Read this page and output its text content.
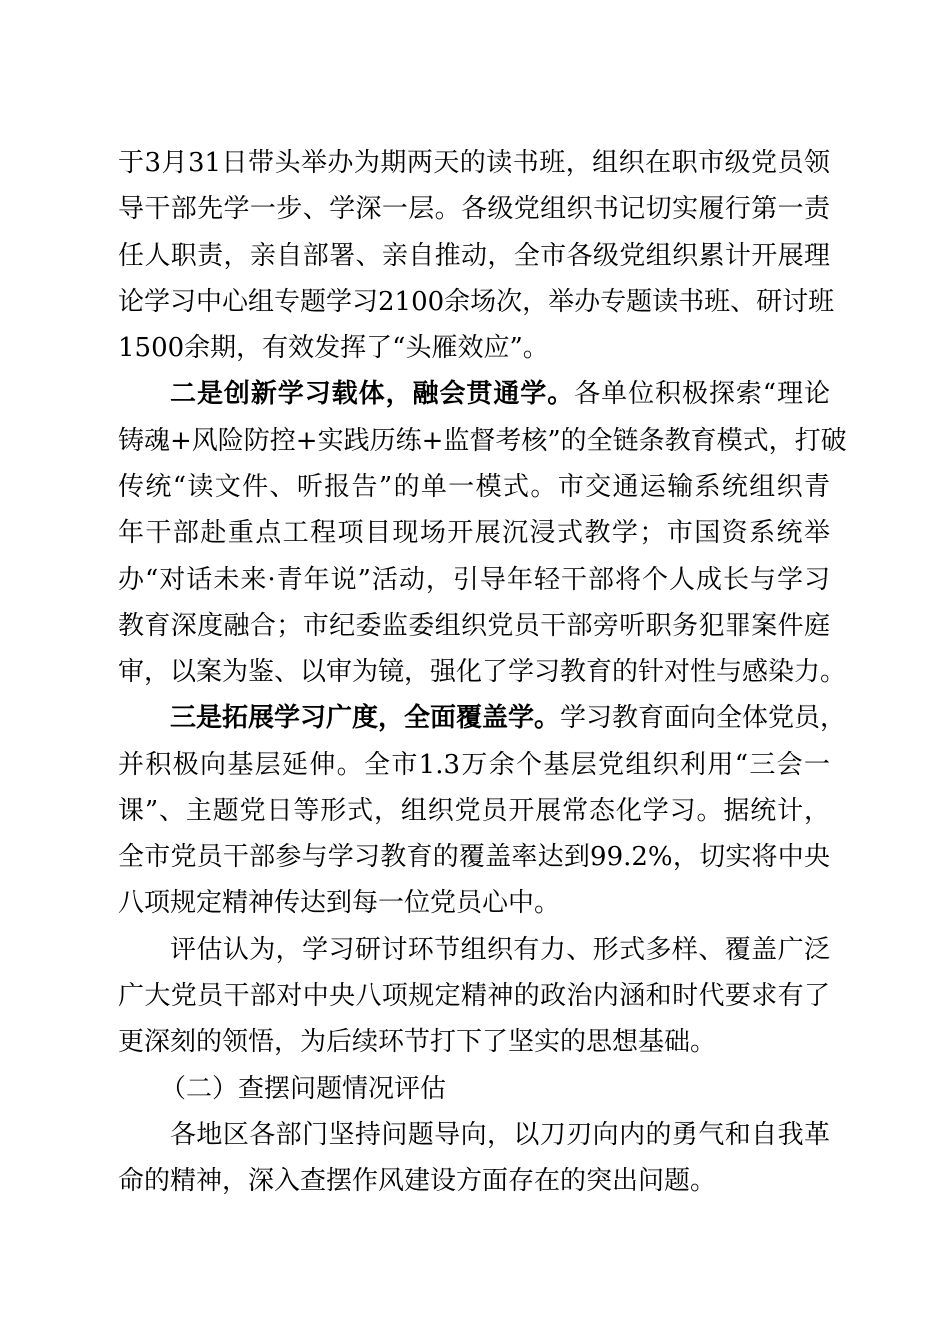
于3月31日带头举办为期两天的读书班，组织在职市级党员领
导干部先学一步、学深一层。各级党组织书记切实履行第一责
任人职责，亲自部署、亲自推动，全市各级党组织累计开展理
论学习中心组专题学习2100余场次，举办专题读书班、研讨班
1500余期，有效发挥了“头雁效应”。
二是创新学习载体，融会贯通学。各单位积极探索“理论
铸魂+风险防控+实践历练+监督考核”的全链条教育模式，打破
传统“读文件、听报告”的单一模式。市交通运输系统组织青
年干部赴重点工程项目现场开展沉浸式教学；市国资系统举
办“对话未来·青年说”活动，引导年轻干部将个人成长与学习
教育深度融合；市纪委监委组织党员干部旁听职务犯罪案件庭
审，以案为鉴、以审为镜，强化了学习教育的针对性与感染力。
三是拓展学习广度，全面覆盖学。学习教育面向全体党员，
并积极向基层延伸。全市1.3万余个基层党组织利用“三会一
课”、主题党日等形式，组织党员开展常态化学习。据统计，
全市党员干部参与学习教育的覆盖率达到99.2%，切实将中央
八项规定精神传达到每一位党员心中。
评估认为，学习研讨环节组织有力、形式多样、覆盖广泛
广大党员干部对中央八项规定精神的政治内涵和时代要求有了
更深刻的领悟，为后续环节打下了坚实的思想基础。
（二）查摆问题情况评估
各地区各部门坚持问题导向，以刀刃向内的勇气和自我革
命的精神，深入查摆作风建设方面存在的突出问题。
